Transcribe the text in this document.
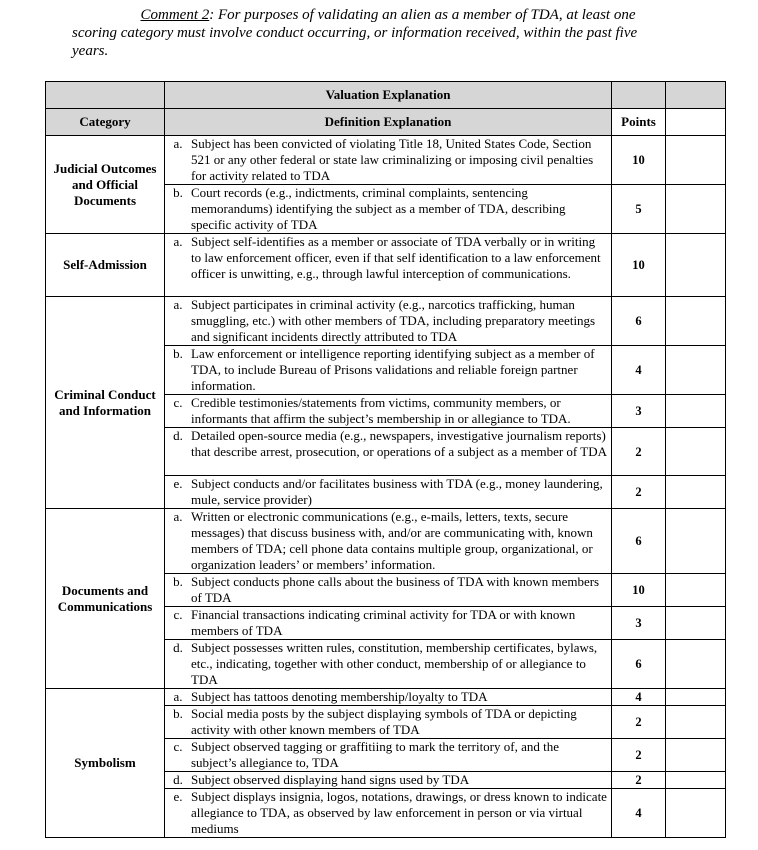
Comment 2: For purposes of validating an alien as a member of TDA, at least one
scoring category must involve conduct occurring, or information received, within the past five
years.
	Valuation Explanation		
Category	Definition Explanation	Points	
Judicial Outcomes and Official Documents	a. Subject has been convicted of violating Title 18, United States Code, Section 521 or any other federal or state law criminalizing or imposing civil penalties for activity related to TDA	10	

	b. Court records (e.g., indictments, criminal complaints, sentencing memorandums) identifying the subject as a member of TDA, describing specific activity of TDA	5	
Self-Admission	a. Subject self-identifies as a member or associate of TDA verbally or in writing to law enforcement officer, even if that self identification to a law enforcement officer is unwitting, e.g., through lawful interception of communications.	10	
Criminal Conduct and Information	a. Subject participates in criminal activity (e.g., narcotics trafficking, human smuggling, etc.) with other members of TDA, including preparatory meetings and significant incidents directly attributed to TDA	6	

	b. Law enforcement or intelligence reporting identifying subject as a member of TDA, to include Bureau of Prisons validations and reliable foreign partner information.	4	

	c. Credible testimonies/statements from victims, community members, or informants that affirm the subject’s membership in or allegiance to TDA.	3	

	d. Detailed open-source media (e.g., newspapers, investigative journalism reports) that describe arrest, prosecution, or operations of a subject as a member of TDA	2	

	e. Subject conducts and/or facilitates business with TDA (e.g., money laundering, mule, service provider)	2	
Documents and Communications	a. Written or electronic communications (e.g., e-mails, letters, texts, secure messages) that discuss business with, and/or are communicating with, known members of TDA; cell phone data contains multiple group, organizational, or organization leaders’ or members’ information.	6	

	b. Subject conducts phone calls about the business of TDA with known members of TDA	10	

	c. Financial transactions indicating criminal activity for TDA or with known members of TDA	3	

	d. Subject possesses written rules, constitution, membership certificates, bylaws, etc., indicating, together with other conduct, membership of or allegiance to TDA	6	
Symbolism	a. Subject has tattoos denoting membership/loyalty to TDA	4	

	b. Social media posts by the subject displaying symbols of TDA or depicting activity with other known members of TDA	2	

	c. Subject observed tagging or graffitiing to mark the territory of, and the subject’s allegiance to, TDA	2	

	d. Subject observed displaying hand signs used by TDA	2	

	e. Subject displays insignia, logos, notations, drawings, or dress known to indicate allegiance to TDA, as observed by law enforcement in person or via virtual mediums	4	
